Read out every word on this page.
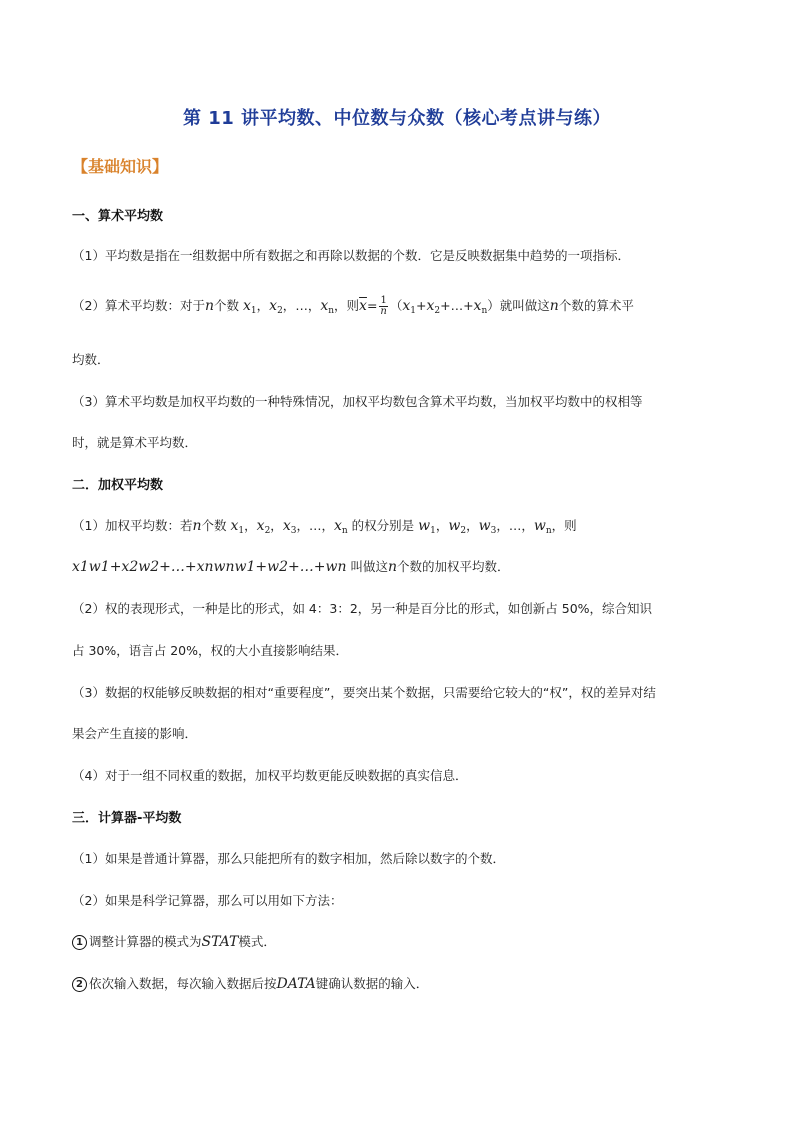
第 11 讲平均数、中位数与众数（核心考点讲与练）
【基础知识】
一、算术平均数
（1）平均数是指在一组数据中所有数据之和再除以数据的个数．它是反映数据集中趋势的一项指标．
（2）算术平均数：对于n个数 $x_1$，$x_2$，…，$x_n$，则$\overline{x}= \frac{1}{n}$ $(x_1+x_2+\dots+x_n)$就叫做这n个数的算术平
均数．
（3）算术平均数是加权平均数的一种特殊情况，加权平均数包含算术平均数，当加权平均数中的权相等
时，就是算术平均数．
二．加权平均数
（1）加权平均数：若n个数 $x_1$，$x_2$，$x_3$，…，$x_n$ 的权分别是 $w_1$，$w_2$，$w_3$，…，$w_n$，则
x1w1+x2w2+…+xnwnw1+w2+…+wn 叫做这n个数的加权平均数．
（2）权的表现形式，一种是比的形式，如 4：3：2，另一种是百分比的形式，如创新占 50%，综合知识
占 30%，语言占 20%，权的大小直接影响结果．
（3）数据的权能够反映数据的相对“重要程度”，要突出某个数据，只需要给它较大的“权”，权的差异对结
果会产生直接的影响．
（4）对于一组不同权重的数据，加权平均数更能反映数据的真实信息．
三．计算器-平均数
（1）如果是普通计算器，那么只能把所有的数字相加，然后除以数字的个数．
（2）如果是科学记算器，那么可以用如下方法：
1 调整计算器的模式为STAT模式．
2 依次输入数据，每次输入数据后按DATA键确认数据的输入．
